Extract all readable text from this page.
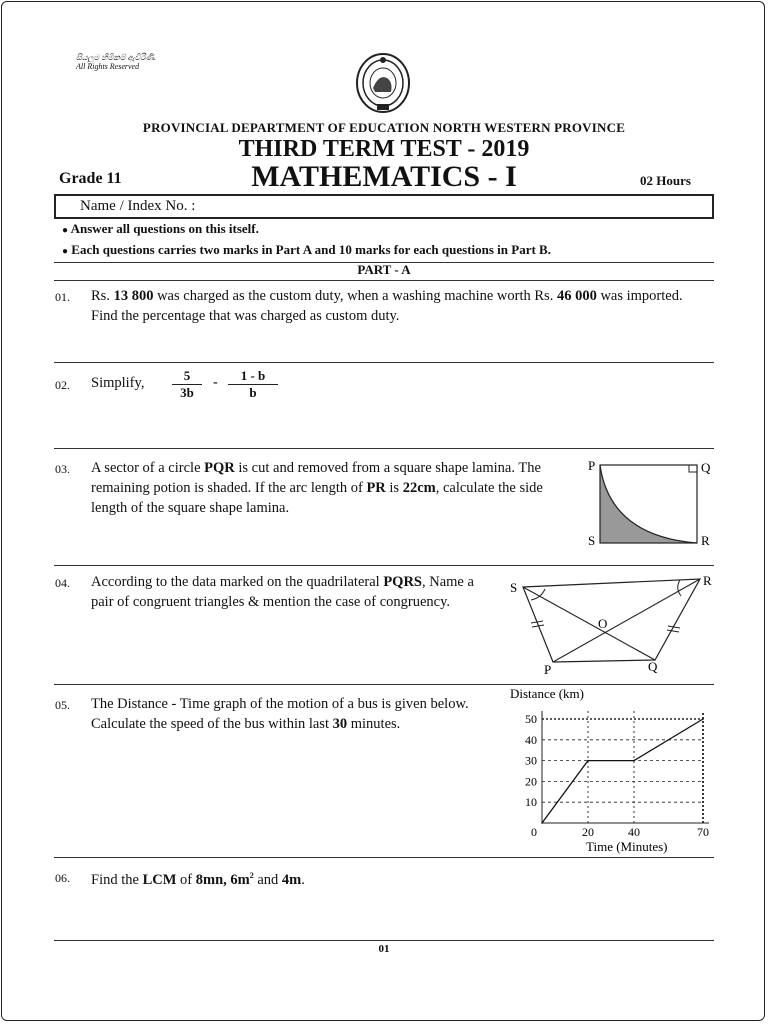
සියලුම හිමිකම් ඇවිරිණි.
All Rights Reserved
PROVINCIAL DEPARTMENT OF EDUCATION NORTH WESTERN PROVINCE
THIRD TERM TEST - 2019
MATHEMATICS - I
Grade 11	02 Hours
Name / Index No. :
● Answer all questions on this itself.
● Each questions carries two marks in Part A and 10 marks for each questions in Part B.
PART - A
01. Rs. 13 800 was charged as the custom duty, when a washing machine worth Rs. 46 000 was imported.
Find the percentage that was charged as custom duty.
02. Simplify, $\frac{5}{3b} - \frac{1 - b}{b}$
03. A sector of a circle PQR is cut and removed from a square shape lamina. The
remaining potion is shaded. If the arc length of PR is 22cm, calculate the side
length of the square shape lamina.
P	Q
R
S
04. According to the data marked on the quadrilateral PQRS, Name a
pair of congruent triangles & mention the case of congruency.
S	R
O
P	Q
05. The Distance - Time graph of the motion of a bus is given below.
Calculate the speed of the bus within last 30 minutes.
Distance (km)
Time (Minutes)
10
20
30
40
50
0	20	40	70
06. Find the LCM of 8mn, $6m^2$ and 4m.
01
